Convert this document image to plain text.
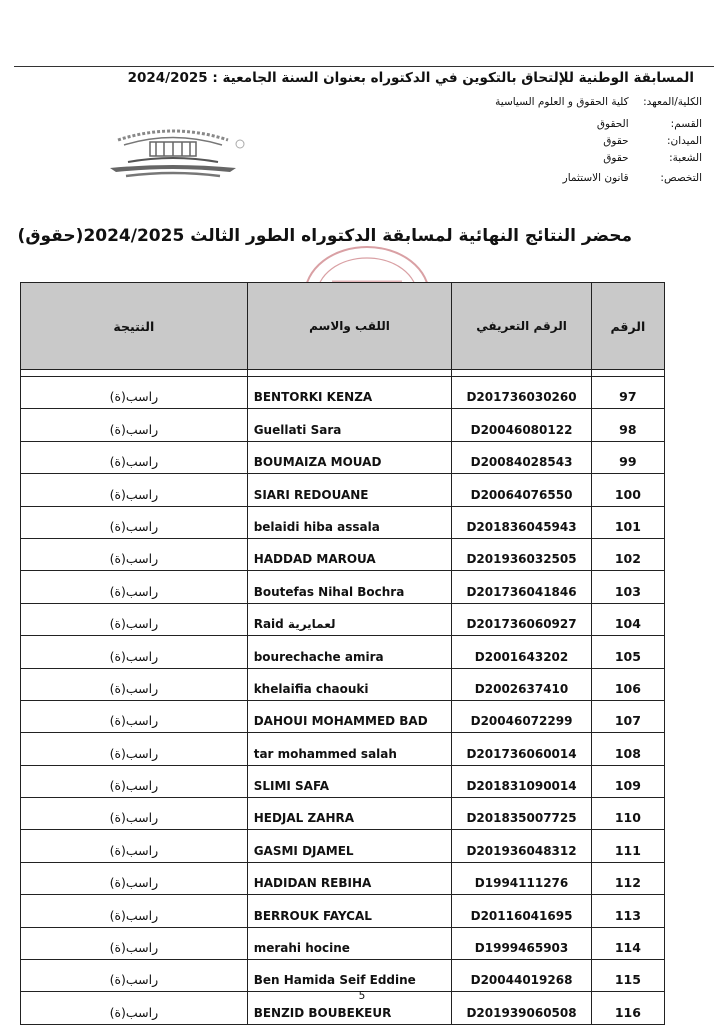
المسابقة الوطنية للإلتحاق بالتكوين في الدكتوراه بعنوان السنة الجامعية : 2024/2025
الكلية/المعهد: كلية الحقوق و العلوم السياسية
القسم: الحقوق
الميدان: حقوق
الشعبة: حقوق
التخصص: قانون الاستثمار
محضر النتائج النهائية لمسابقة الدكتوراه الطور الثالث 2024/2025(حقوق)
النتيجة	اللقب والاسم	الرقم التعريفي	الرقم

راسب(ة)	BENTORKI KENZA	D201736030260	97
راسب(ة)	Guellati Sara	D20046080122	98
راسب(ة)	BOUMAIZA MOUAD	D20084028543	99
راسب(ة)	SIARI REDOUANE	D20064076550	100
راسب(ة)	belaidi hiba assala	D201836045943	101
راسب(ة)	HADDAD MAROUA	D201936032505	102
راسب(ة)	Boutefas Nihal Bochra	D201736041846	103
راسب(ة)	Raid لعمايرية	D201736060927	104
راسب(ة)	bourechache amira	D2001643202	105
راسب(ة)	khelaifia chaouki	D2002637410	106
راسب(ة)	DAHOUI MOHAMMED BAD	D20046072299	107
راسب(ة)	tar mohammed salah	D201736060014	108
راسب(ة)	SLIMI SAFA	D201831090014	109
راسب(ة)	HEDJAL ZAHRA	D201835007725	110
راسب(ة)	GASMI DJAMEL	D201936048312	111
راسب(ة)	HADIDAN REBIHA	D1994111276	112
راسب(ة)	BERROUK FAYCAL	D20116041695	113
راسب(ة)	merahi hocine	D1999465903	114
راسب(ة)	Ben Hamida Seif Eddine	D20044019268	115
راسب(ة)	BENZID BOUBEKEUR	D201939060508	116
5
